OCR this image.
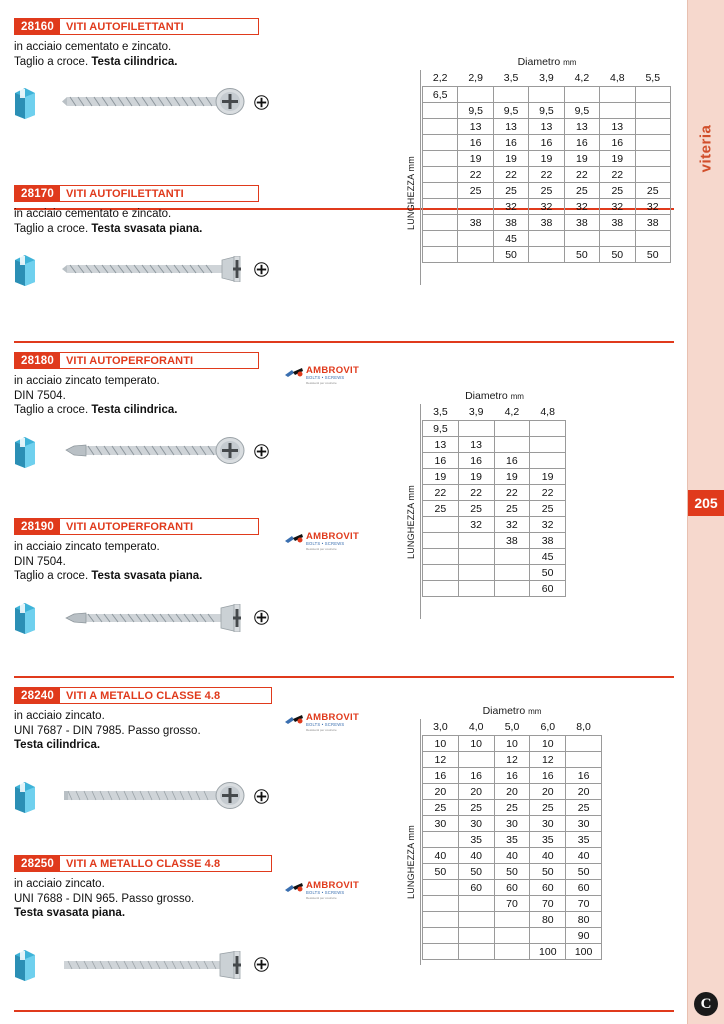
28160	VITI AUTOFILETTANTI
in acciaio cementato e zincato.
Taglio a croce. Testa cilindrica.
28170	VITI AUTOFILETTANTI
in acciaio cementato e zincato.
Taglio a croce. Testa svasata piana.
Diametro mm
LUNGHEZZA mm
2,2	2,9	3,5	3,9	4,2	4,8	5,5
6,5						
	9,5	9,5	9,5	9,5		
	13	13	13	13	13	
	16	16	16	16	16	
	19	19	19	19	19	
	22	22	22	22	22	
	25	25	25	25	25	25
		32	32	32	32	32
	38	38	38	38	38	38
		45				
		50		50	50	50
28180	VITI AUTOPERFORANTI
in acciaio zincato temperato.
DIN 7504.
Taglio a croce. Testa cilindrica.
AMBROVIT
BOLTS • SCREWS
Resistenti per costruire
28190	VITI AUTOPERFORANTI
in acciaio zincato temperato.
DIN 7504.
Taglio a croce. Testa svasata piana.
AMBROVIT
BOLTS • SCREWS
Resistenti per costruire
Diametro mm
LUNGHEZZA mm
3,5	3,9	4,2	4,8
9,5			
13	13		
16	16	16	
19	19	19	19
22	22	22	22
25	25	25	25
	32	32	32
		38	38
			45
			50
			60
28240	VITI A METALLO CLASSE 4.8
in acciaio zincato.
UNI 7687 - DIN 7985. Passo grosso.
Testa cilindrica.
AMBROVIT
BOLTS • SCREWS
Resistenti per costruire
28250	VITI A METALLO CLASSE 4.8
in acciaio zincato.
UNI 7688 - DIN 965. Passo grosso.
Testa svasata piana.
AMBROVIT
BOLTS • SCREWS
Resistenti per costruire
Diametro mm
LUNGHEZZA mm
3,0	4,0	5,0	6,0	8,0
10	10	10	10	
12		12	12	
16	16	16	16	16
20	20	20	20	20
25	25	25	25	25
30	30	30	30	30
	35	35	35	35
40	40	40	40	40
50	50	50	50	50
	60	60	60	60
		70	70	70
			80	80
				90
			100	100
viteria
205
C
